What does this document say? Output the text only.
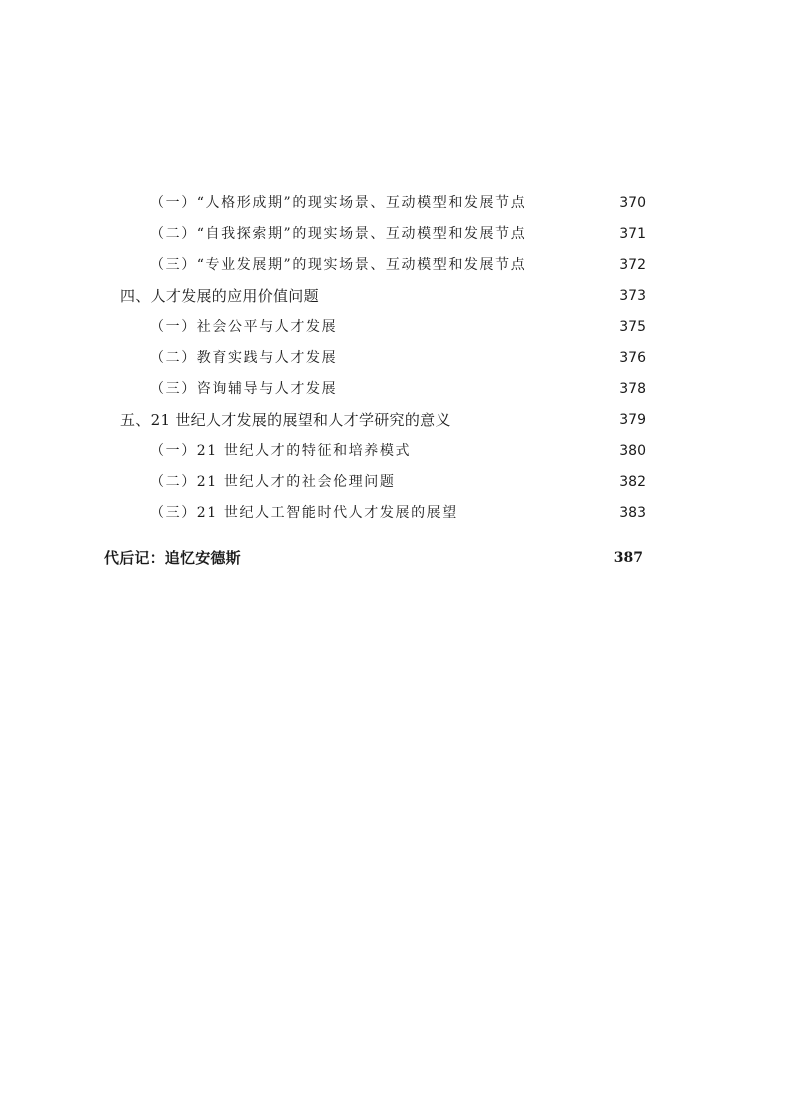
（一）“人格形成期”的现实场景、互动模型和发展节点	370
（二）“自我探索期”的现实场景、互动模型和发展节点	371
（三）“专业发展期”的现实场景、互动模型和发展节点	372
四、人才发展的应用价值问题	373
（一）社会公平与人才发展	375
（二）教育实践与人才发展	376
（三）咨询辅导与人才发展	378
五、21 世纪人才发展的展望和人才学研究的意义	379
（一）21 世纪人才的特征和培养模式	380
（二）21 世纪人才的社会伦理问题	382
（三）21 世纪人工智能时代人才发展的展望	383
代后记：追忆安德斯	387
